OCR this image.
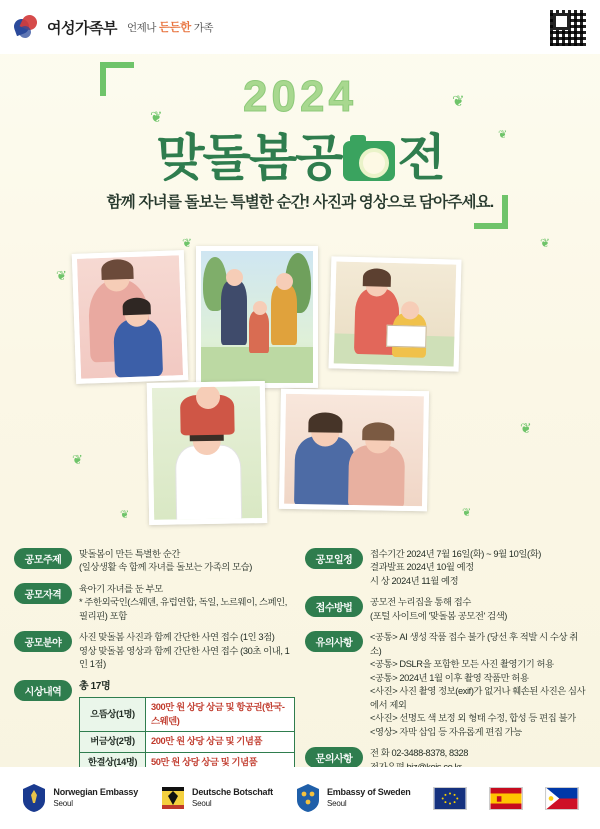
여성가족부 언제나 든든한 가족
❦
❦
❦
❦
❦	❦
❦
❦
❦	❦
2024
맞돌봄공 전
함께 자녀를 돌보는 특별한 순간! 사진과 영상으로 담아주세요.
공모주제
맞돌봄이 만든 특별한 순간
(일상생활 속 함께 자녀를 돌보는 가족의 모습)
공모자격
육아기 자녀를 둔 부모
* 주한외국인(스웨덴, 유럽연합, 독일, 노르웨이, 스페인, 필리핀) 포함
공모분야
사진 맞돌봄 사진과 함께 간단한 사연 접수 (1인 3점)
영상 맞돌봄 영상과 함께 간단한 사연 접수 (30초 이내, 1인 1점)
시상내역
총 17명
으뜸상(1명)	300만 원 상당 상금 및 항공권(한국-스웨덴)
버금상(2명)	200만 원 상당 상금 및 기념품
한결상(14명)	50만 원 상당 상금 및 기념품
공모일정
접수기간 2024년 7월 16일(화) ~ 9월 10일(화)
결과발표 2024년 10월 예정
시 상 2024년 11월 예정
접수방법
공모전 누리집을 통해 접수
(포털 사이트에 '맞돌봄 공모전' 검색)
유의사항
<공통> AI 생성 작품 접수 불가 (당선 후 적발 시 수상 취소)
<공통> DSLR을 포함한 모든 사진 촬영기기 허용
<공통> 2024년 1월 이후 촬영 작품만 허용
<사진> 사진 촬영 정보(exif)가 없거나 훼손된 사진은 심사에서 제외
<사진> 선명도 색 보정 외 형태 수정, 합성 등 편집 불가
<영상> 자막 삽입 등 자유롭게 편집 가능
문의사항
전 화 02-3488-8378, 8328
Norwegian Embassy
Seoul
Deutsche Botschaft
Seoul
Embassy of Sweden
Seoul
